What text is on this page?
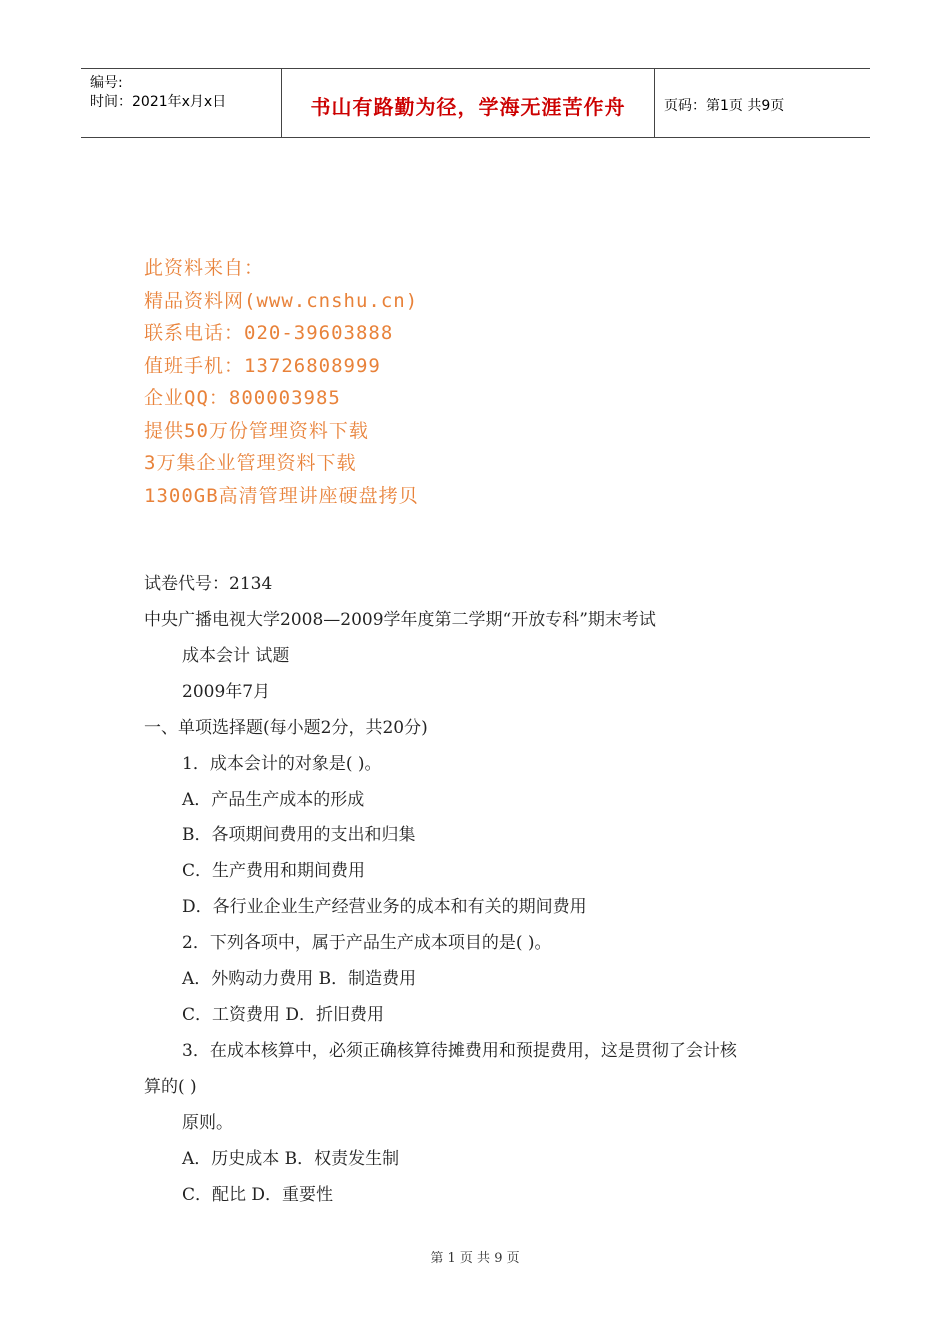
编号:
时间：2021年x月x日	书山有路勤为径，学海无涯苦作舟	页码：第1页 共9页
此资料来自：
精品资料网(www.cnshu.cn)
联系电话：020-39603888
值班手机：13726808999
企业QQ：800003985
提供50万份管理资料下载
3万集企业管理资料下载
1300GB高清管理讲座硬盘拷贝
试卷代号：2134
中央广播电视大学2008—2009学年度第二学期“开放专科”期末考试
成本会计 试题
2009年7月
一、单项选择题(每小题2分，共20分)
1．成本会计的对象是( )。
A．产品生产成本的形成
B．各项期间费用的支出和归集
C．生产费用和期间费用
D．各行业企业生产经营业务的成本和有关的期间费用
2．下列各项中，属于产品生产成本项目的是( )。
A．外购动力费用 B．制造费用
C．工资费用 D．折旧费用
3．在成本核算中，必须正确核算待摊费用和预提费用，这是贯彻了会计核
算的( )
原则。
A．历史成本 B．权责发生制
C．配比 D．重要性
第 1 页 共 9 页
